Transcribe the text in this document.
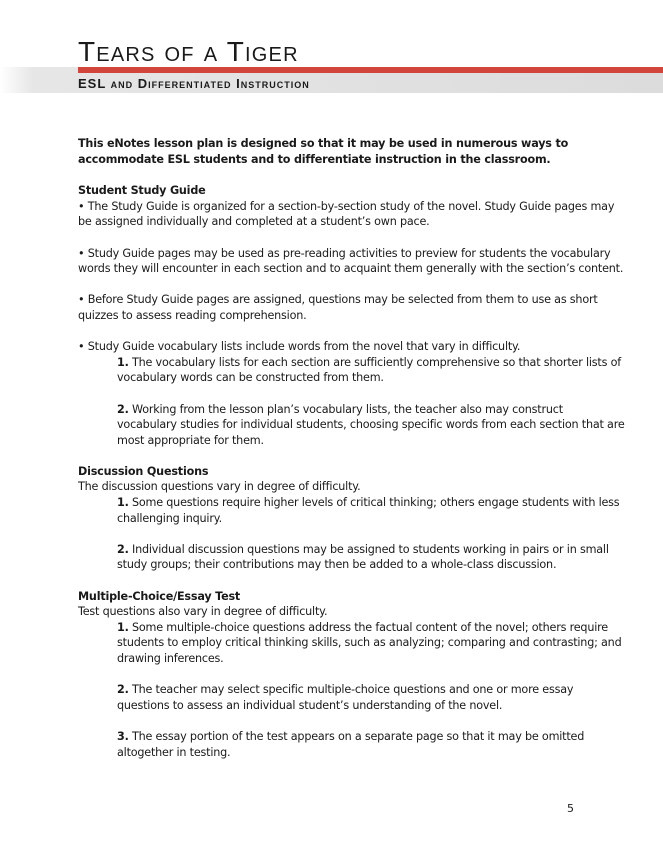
Tears of a Tiger
ESL and Differentiated Instruction

This eNotes lesson plan is designed so that it may be used in numerous ways to accommodate ESL students and to differentiate instruction in the classroom.

Student Study Guide

• The Study Guide is organized for a section-by-section study of the novel. Study Guide pages may be assigned individually and completed at a student’s own pace.

• Study Guide pages may be used as pre-reading activities to preview for students the vocabulary words they will encounter in each section and to acquaint them generally with the section’s content.

• Before Study Guide pages are assigned, questions may be selected from them to use as short quizzes to assess reading comprehension.

• Study Guide vocabulary lists include words from the novel that vary in difficulty.

1. The vocabulary lists for each section are sufficiently comprehensive so that shorter lists of vocabulary words can be constructed from them.

2. Working from the lesson plan’s vocabulary lists, the teacher also may construct vocabulary studies for individual students, choosing specific words from each section that are most appropriate for them.

Discussion Questions

The discussion questions vary in degree of difficulty.

1. Some questions require higher levels of critical thinking; others engage students with less challenging inquiry.

2. Individual discussion questions may be assigned to students working in pairs or in small study groups; their contributions may then be added to a whole-class discussion.

Multiple-Choice/Essay Test

Test questions also vary in degree of difficulty.

1. Some multiple-choice questions address the factual content of the novel; others require students to employ critical thinking skills, such as analyzing; comparing and contrasting; and drawing inferences.

2. The teacher may select specific multiple-choice questions and one or more essay questions to assess an individual student’s understanding of the novel.

3. The essay portion of the test appears on a separate page so that it may be omitted altogether in testing.

5
